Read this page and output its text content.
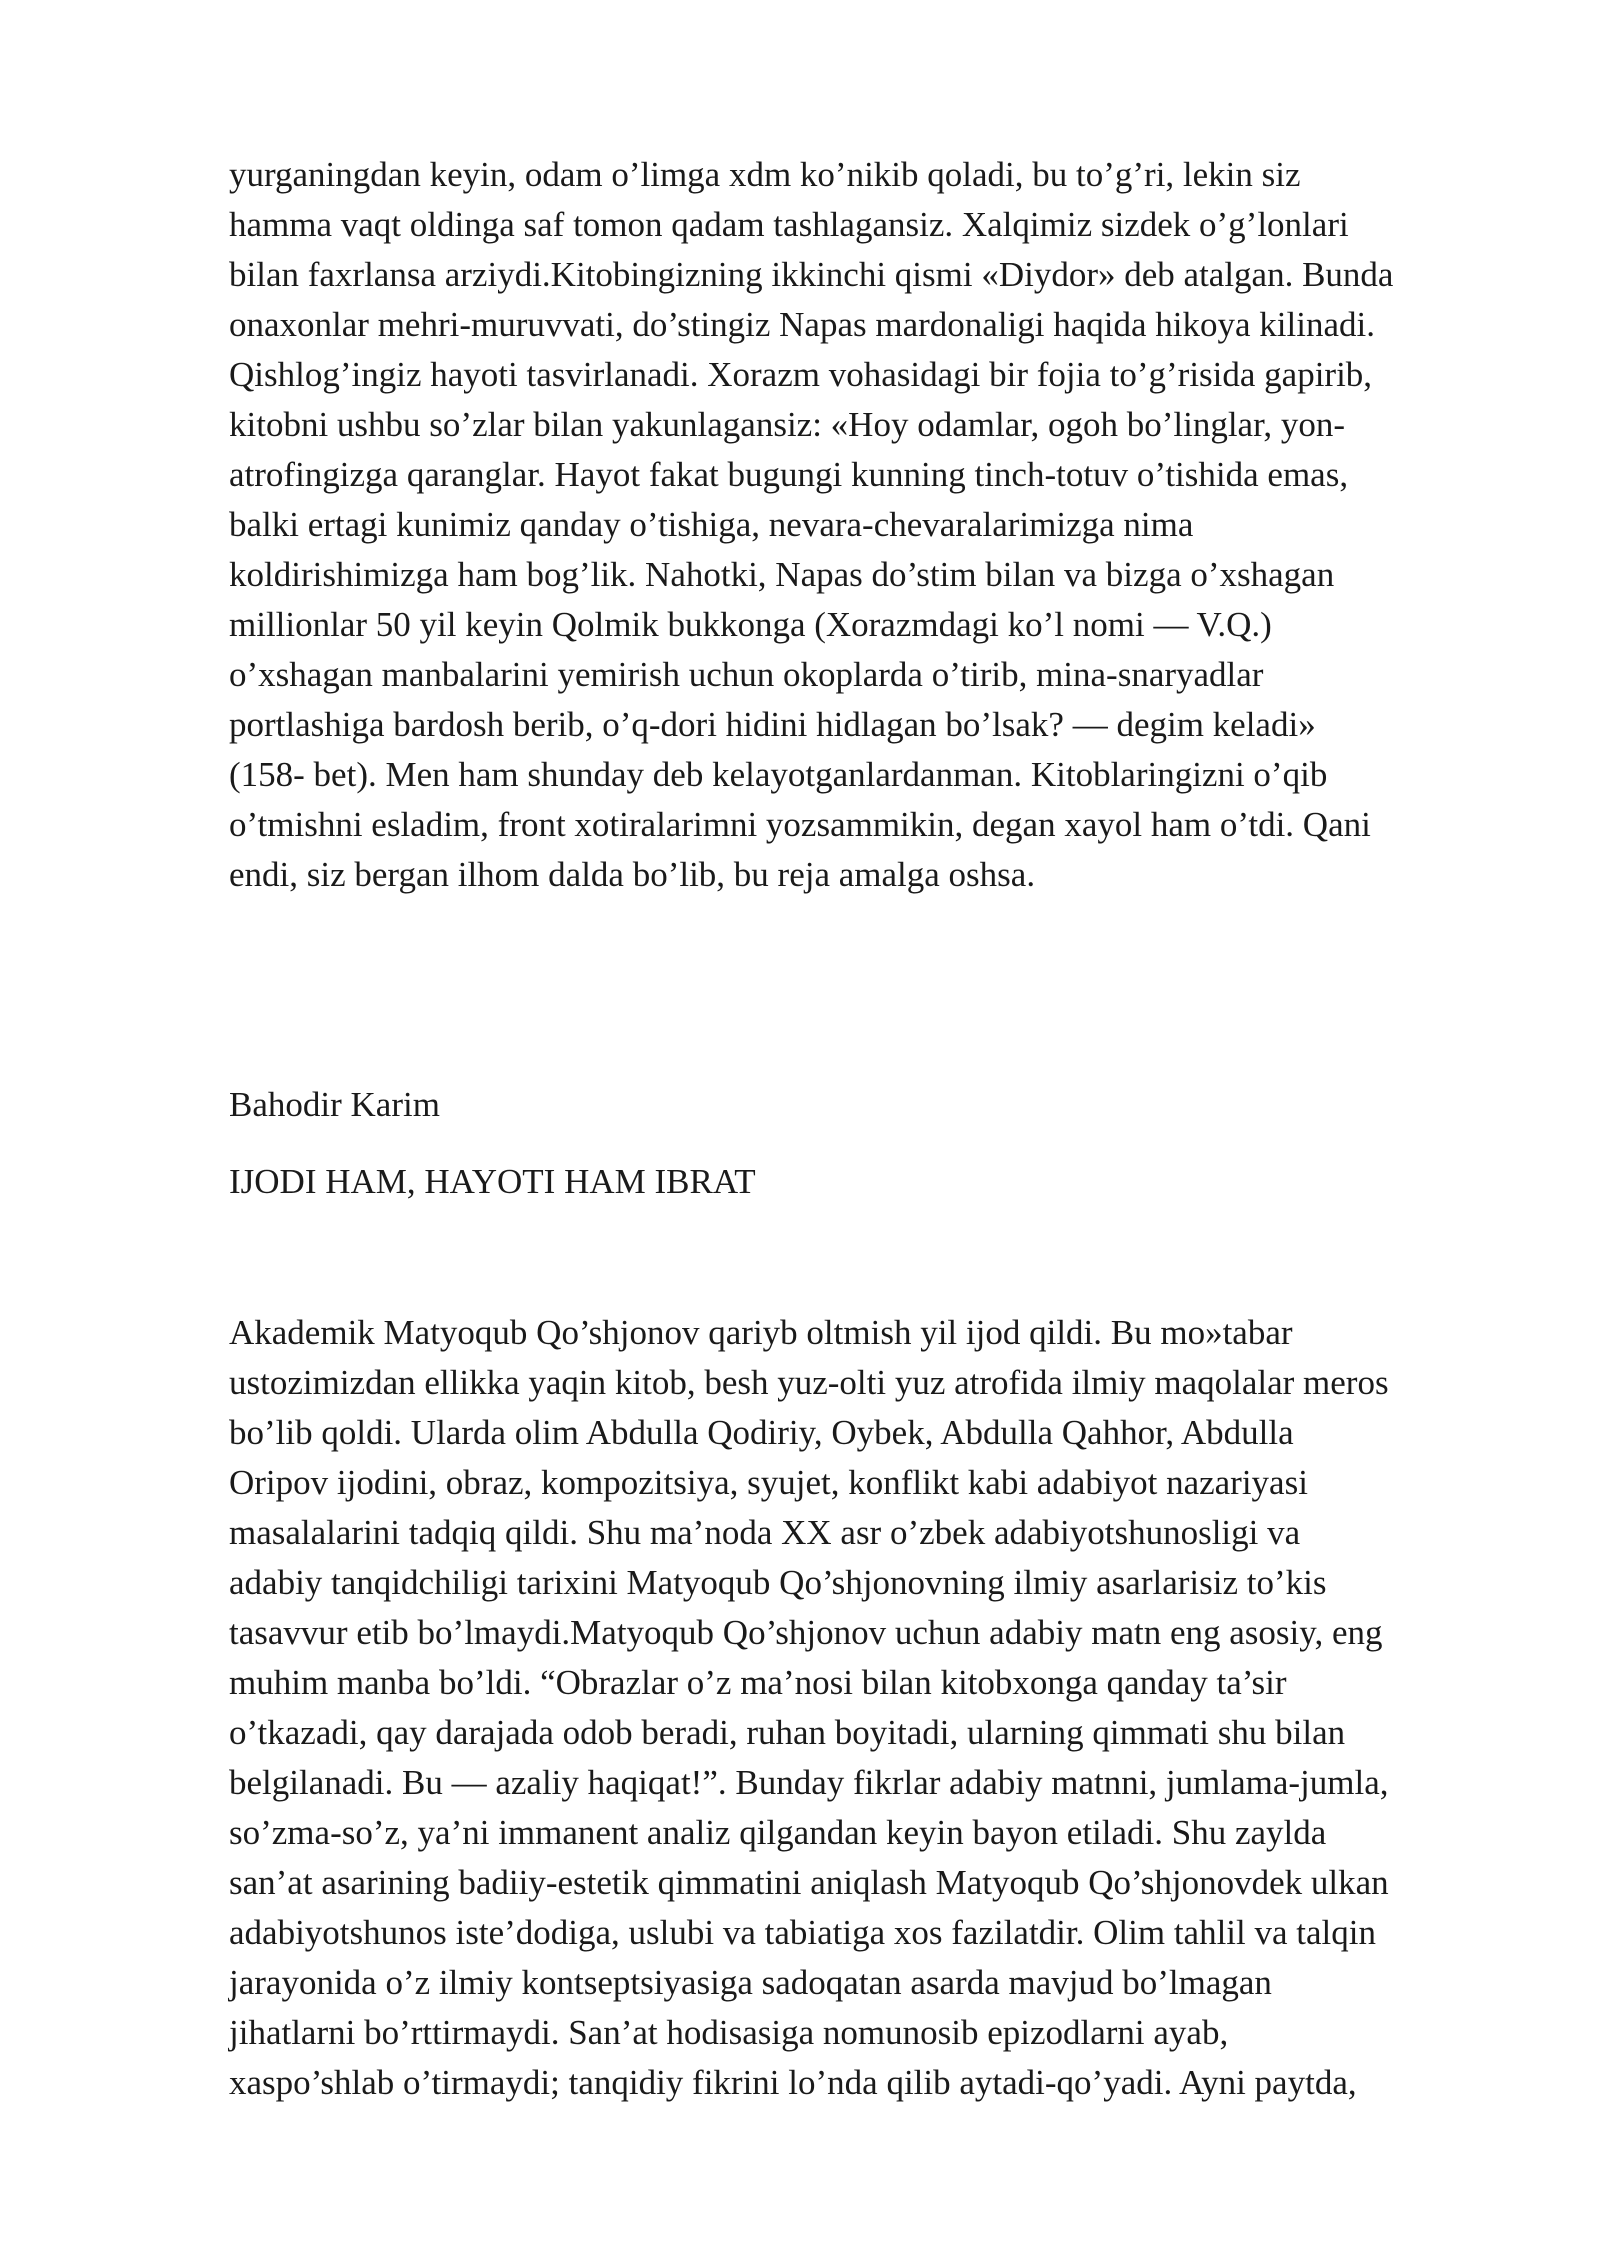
yurganingdan keyin, odam o’limga xdm ko’nikib qoladi, bu to’g’ri, lekin siz
hamma vaqt oldinga saf tomon qadam tashlagansiz. Xalqimiz sizdek o’g’lonlari
bilan faxrlansa arziydi.Kitobingizning ikkinchi qismi «Diydor» deb atalgan. Bunda
onaxonlar mehri-muruvvati, do’stingiz Napas mardonaligi haqida hikoya kilinadi.
Qishlog’ingiz hayoti tasvirlanadi. Xorazm vohasidagi bir fojia to’g’risida gapirib,
kitobni ushbu so’zlar bilan yakunlagansiz: «Hoy odamlar, ogoh bo’linglar, yon-
atrofingizga qaranglar. Hayot fakat bugungi kunning tinch-totuv o’tishida emas,
balki ertagi kunimiz qanday o’tishiga, nevara-chevaralarimizga nima
koldirishimizga ham bog’lik. Nahotki, Napas do’stim bilan va bizga o’xshagan
millionlar 50 yil keyin Qolmik bukkonga (Xorazmdagi ko’l nomi — V.Q.)
o’xshagan manbalarini yemirish uchun okoplarda o’tirib, mina-snaryadlar
portlashiga bardosh berib, o’q-dori hidini hidlagan bo’lsak? — degim keladi»
(158- bet). Men ham shunday deb kelayotganlardanman. Kitoblaringizni o’qib
o’tmishni esladim, front xotiralarimni yozsammikin, degan xayol ham o’tdi. Qani
endi, siz bergan ilhom dalda bo’lib, bu reja amalga oshsa.

Bahodir Karim

IJODI HAM, HAYOTI HAM IBRAT

Akademik Matyoqub Qo’shjonov qariyb oltmish yil ijod qildi. Bu mo»tabar
ustozimizdan ellikka yaqin kitob, besh yuz-olti yuz atrofida ilmiy maqolalar meros
bo’lib qoldi. Ularda olim Abdulla Qodiriy, Oybek, Abdulla Qahhor, Abdulla
Oripov ijodini, obraz, kompozitsiya, syujet, konflikt kabi adabiyot nazariyasi
masalalarini tadqiq qildi. Shu ma’noda XX asr o’zbek adabiyotshunosligi va
adabiy tanqidchiligi tarixini Matyoqub Qo’shjonovning ilmiy asarlarisiz to’kis
tasavvur etib bo’lmaydi.Matyoqub Qo’shjonov uchun adabiy matn eng asosiy, eng
muhim manba bo’ldi. “Obrazlar o’z ma’nosi bilan kitobxonga qanday ta’sir
o’tkazadi, qay darajada odob beradi, ruhan boyitadi, ularning qimmati shu bilan
belgilanadi. Bu — azaliy haqiqat!”. Bunday fikrlar adabiy matnni, jumlama-jumla,
so’zma-so’z, ya’ni immanent analiz qilgandan keyin bayon etiladi. Shu zaylda
san’at asarining badiiy-estetik qimmatini aniqlash Matyoqub Qo’shjonovdek ulkan
adabiyotshunos iste’dodiga, uslubi va tabiatiga xos fazilatdir. Olim tahlil va talqin
jarayonida o’z ilmiy kontseptsiyasiga sadoqatan asarda mavjud bo’lmagan
jihatlarni bo’rttirmaydi. San’at hodisasiga nomunosib epizodlarni ayab,
xaspo’shlab o’tirmaydi; tanqidiy fikrini lo’nda qilib aytadi-qo’yadi. Ayni paytda,
